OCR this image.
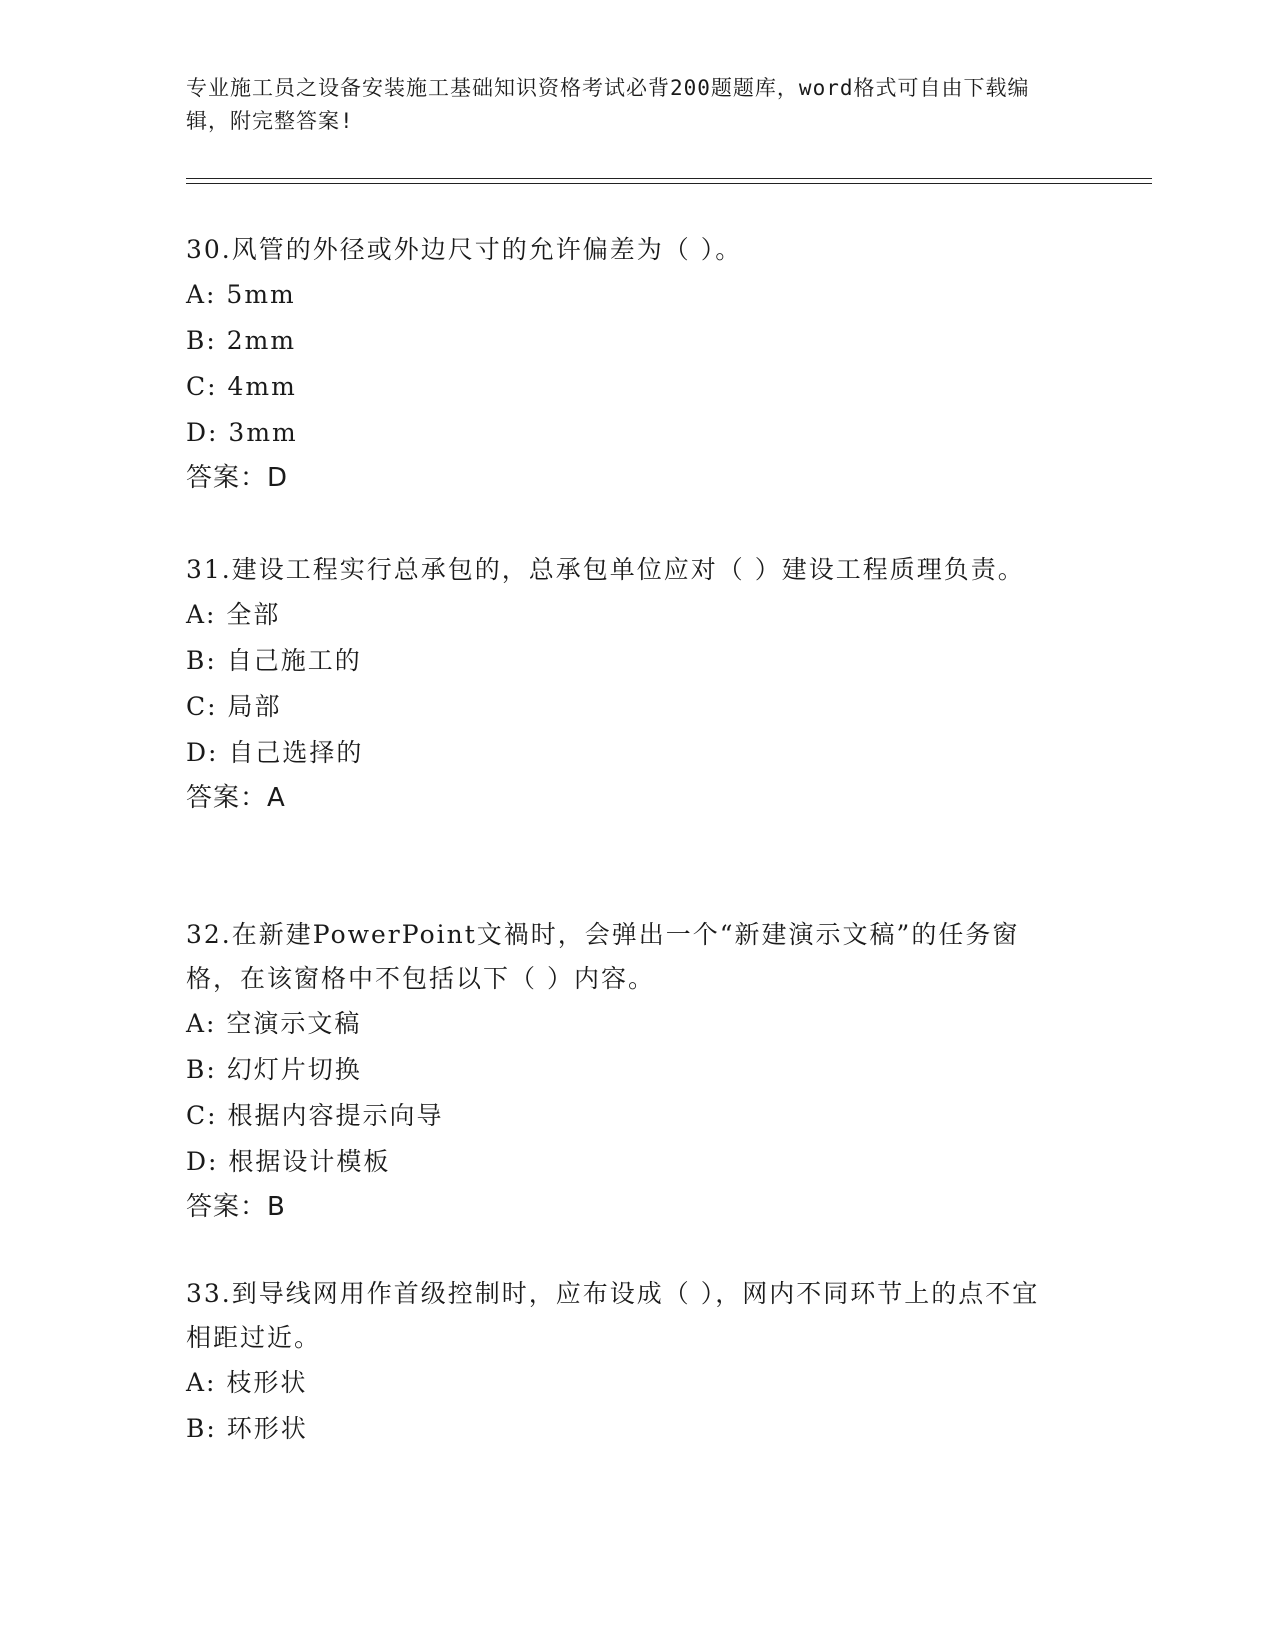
专业施工员之设备安装施工基础知识资格考试必背200题题库，word格式可自由下载编辑，附完整答案!
30.风管的外径或外边尺寸的允许偏差为（ ）。
A: 5mm
B: 2mm
C: 4mm
D: 3mm
答案：D
31.建设工程实行总承包的，总承包单位应对（ ）建设工程质理负责。
A: 全部
B: 自己施工的
C: 局部
D: 自己选择的
答案：A
32.在新建PowerPoint文禍时，会弹出一个“新建演示文稿”的任务窗格，在该窗格中不包括以下（ ）内容。
A: 空演示文稿
B: 幻灯片切换
C: 根据内容提示向导
D: 根据设计模板
答案：B
33.到导线网用作首级控制时，应布设成（ ），网内不同环节上的点不宜相距过近。
A: 枝形状
B: 环形状
